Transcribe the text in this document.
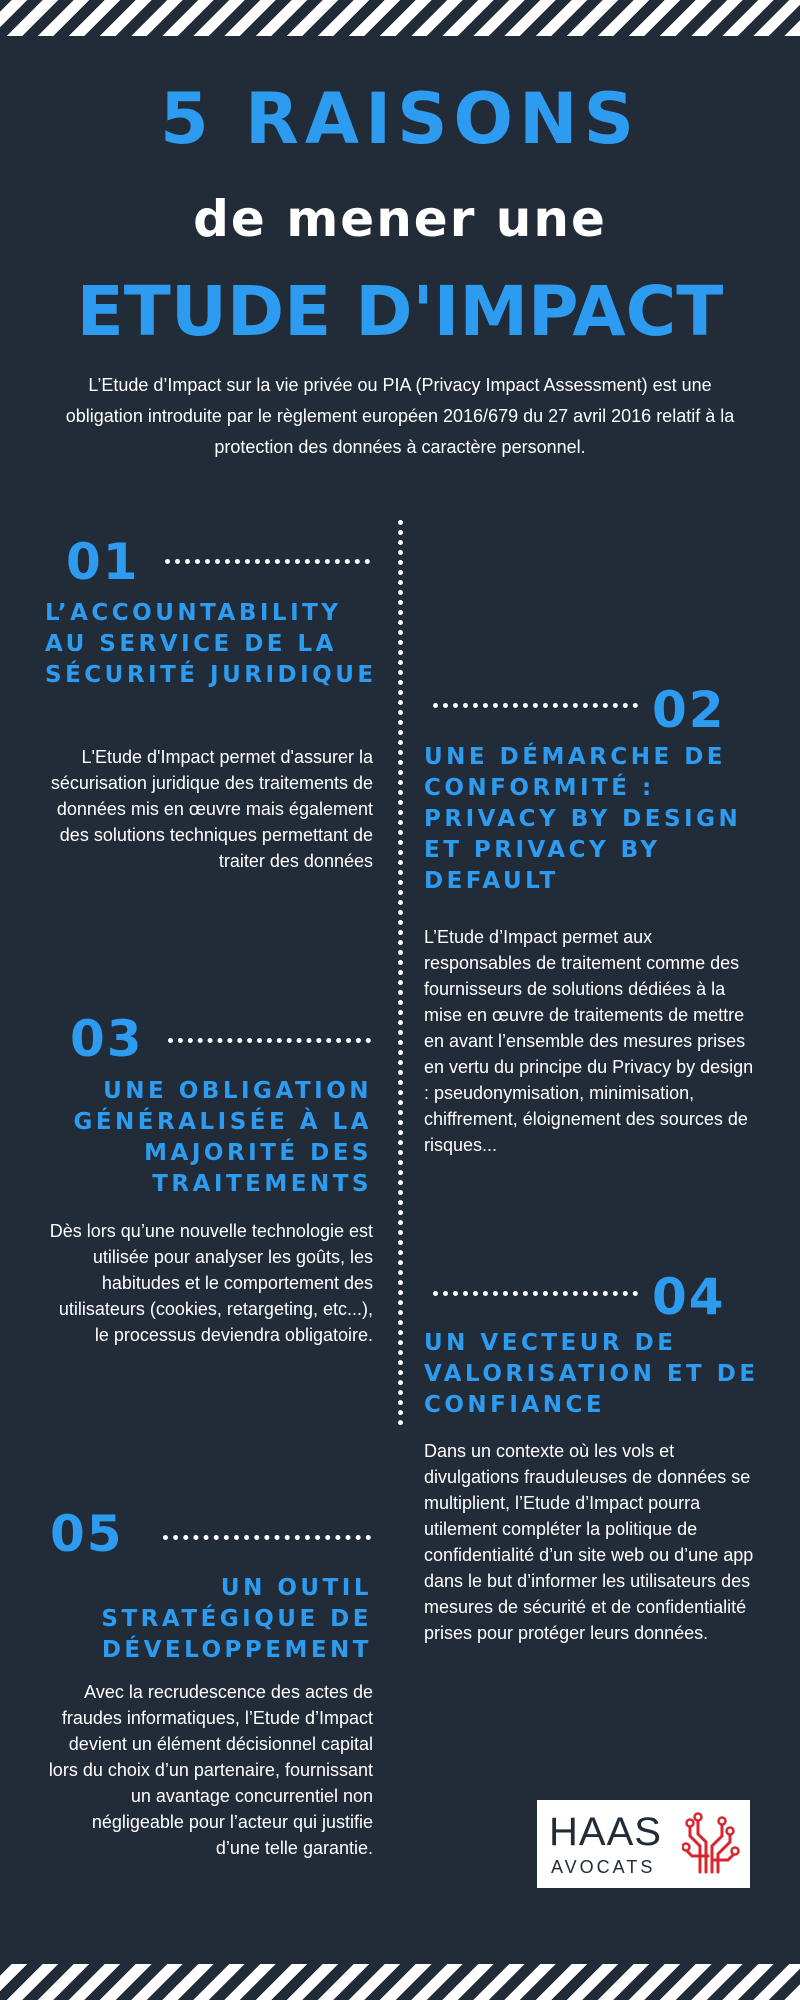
5 RAISONS
de mener une
ETUDE D'IMPACT
L’Etude d’Impact sur la vie privée ou PIA (Privacy Impact Assessment) est une obligation introduite par le règlement européen 2016/679 du 27 avril 2016 relatif à la protection des données à caractère personnel.
01
L’ACCOUNTABILITY AU SERVICE DE LA SÉCURITÉ JURIDIQUE
L'Etude d'Impact permet d'assurer la sécurisation juridique des traitements de données mis en œuvre mais également des solutions techniques permettant de traiter des données
02
UNE DÉMARCHE DE CONFORMITÉ : PRIVACY BY DESIGN ET PRIVACY BY DEFAULT
L’Etude d’Impact permet aux responsables de traitement comme des fournisseurs de solutions dédiées à la mise en œuvre de traitements de mettre en avant l’ensemble des mesures prises en vertu du principe du Privacy by design : pseudonymisation, minimisation, chiffrement, éloignement des sources de risques...
03
UNE OBLIGATION GÉNÉRALISÉE À LA MAJORITÉ DES TRAITEMENTS
Dès lors qu’une nouvelle technologie est utilisée pour analyser les goûts, les habitudes et le comportement des utilisateurs (cookies, retargeting, etc...), le processus deviendra obligatoire.
04
UN VECTEUR DE VALORISATION ET DE CONFIANCE
Dans un contexte où les vols et divulgations frauduleuses de données se multiplient, l’Etude d’Impact pourra utilement compléter la politique de confidentialité d’un site web ou d’une app dans le but d’informer les utilisateurs des mesures de sécurité et de confidentialité prises pour protéger leurs données.
05
UN OUTIL STRATÉGIQUE DE DÉVELOPPEMENT
Avec la recrudescence des actes de fraudes informatiques, l’Etude d’Impact devient un élément décisionnel capital lors du choix d’un partenaire, fournissant un avantage concurrentiel non négligeable pour l’acteur qui justifie d’une telle garantie.	HAAS
AVOCATS
